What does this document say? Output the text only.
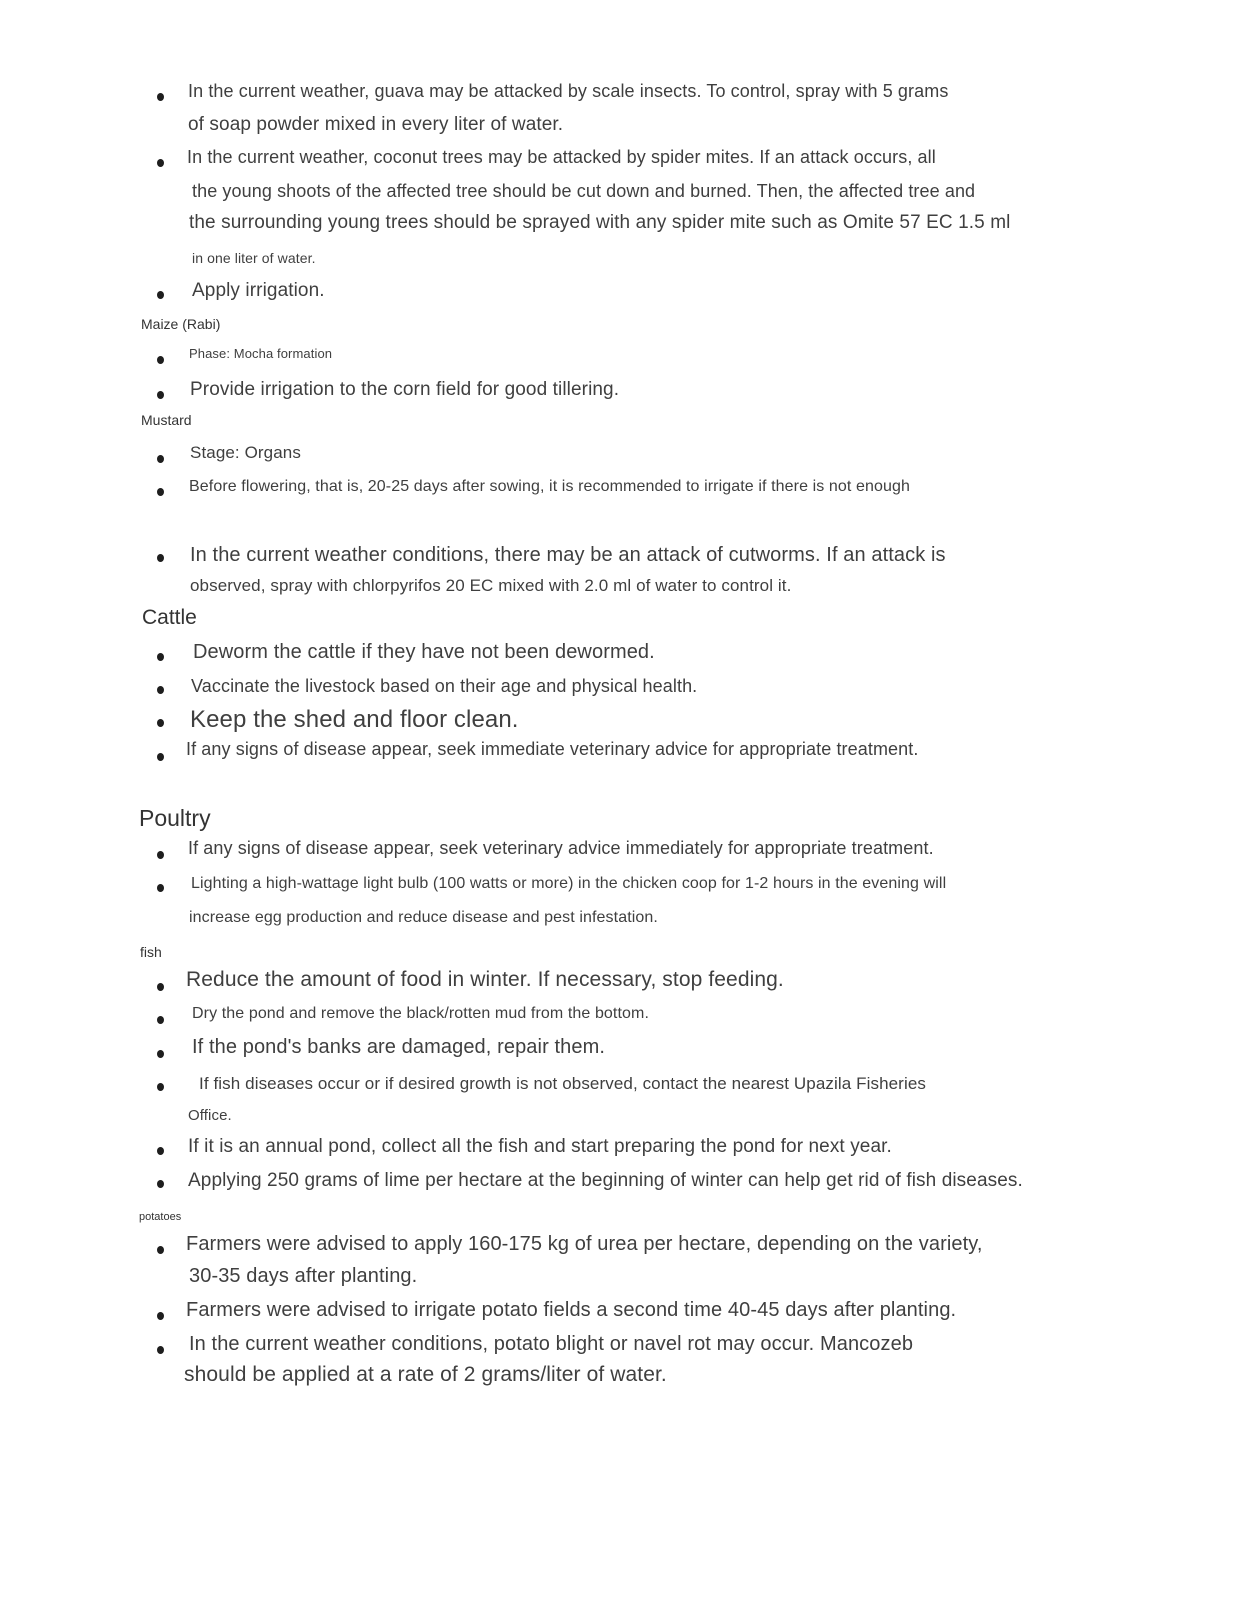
In the current weather, guava may be attacked by scale insects. To control, spray with 5 grams
of soap powder mixed in every liter of water.
In the current weather, coconut trees may be attacked by spider mites. If an attack occurs, all
the young shoots of the affected tree should be cut down and burned. Then, the affected tree and
the surrounding young trees should be sprayed with any spider mite such as Omite 57 EC 1.5 ml
in one liter of water.
Apply irrigation.
Maize (Rabi)
Phase: Mocha formation
Provide irrigation to the corn field for good tillering.
Mustard
Stage: Organs
Before flowering, that is, 20-25 days after sowing, it is recommended to irrigate if there is not enough
In the current weather conditions, there may be an attack of cutworms. If an attack is
observed, spray with chlorpyrifos 20 EC mixed with 2.0 ml of water to control it.
Cattle
Deworm the cattle if they have not been dewormed.
Vaccinate the livestock based on their age and physical health.
Keep the shed and floor clean.
If any signs of disease appear, seek immediate veterinary advice for appropriate treatment.
Poultry
If any signs of disease appear, seek veterinary advice immediately for appropriate treatment.
Lighting a high-wattage light bulb (100 watts or more) in the chicken coop for 1-2 hours in the evening will
increase egg production and reduce disease and pest infestation.
fish
Reduce the amount of food in winter. If necessary, stop feeding.
Dry the pond and remove the black/rotten mud from the bottom.
If the pond's banks are damaged, repair them.
If fish diseases occur or if desired growth is not observed, contact the nearest Upazila Fisheries
Office.
If it is an annual pond, collect all the fish and start preparing the pond for next year.
Applying 250 grams of lime per hectare at the beginning of winter can help get rid of fish diseases.
potatoes
Farmers were advised to apply 160-175 kg of urea per hectare, depending on the variety,
30-35 days after planting.
Farmers were advised to irrigate potato fields a second time 40-45 days after planting.
In the current weather conditions, potato blight or navel rot may occur. Mancozeb
should be applied at a rate of 2 grams/liter of water.
